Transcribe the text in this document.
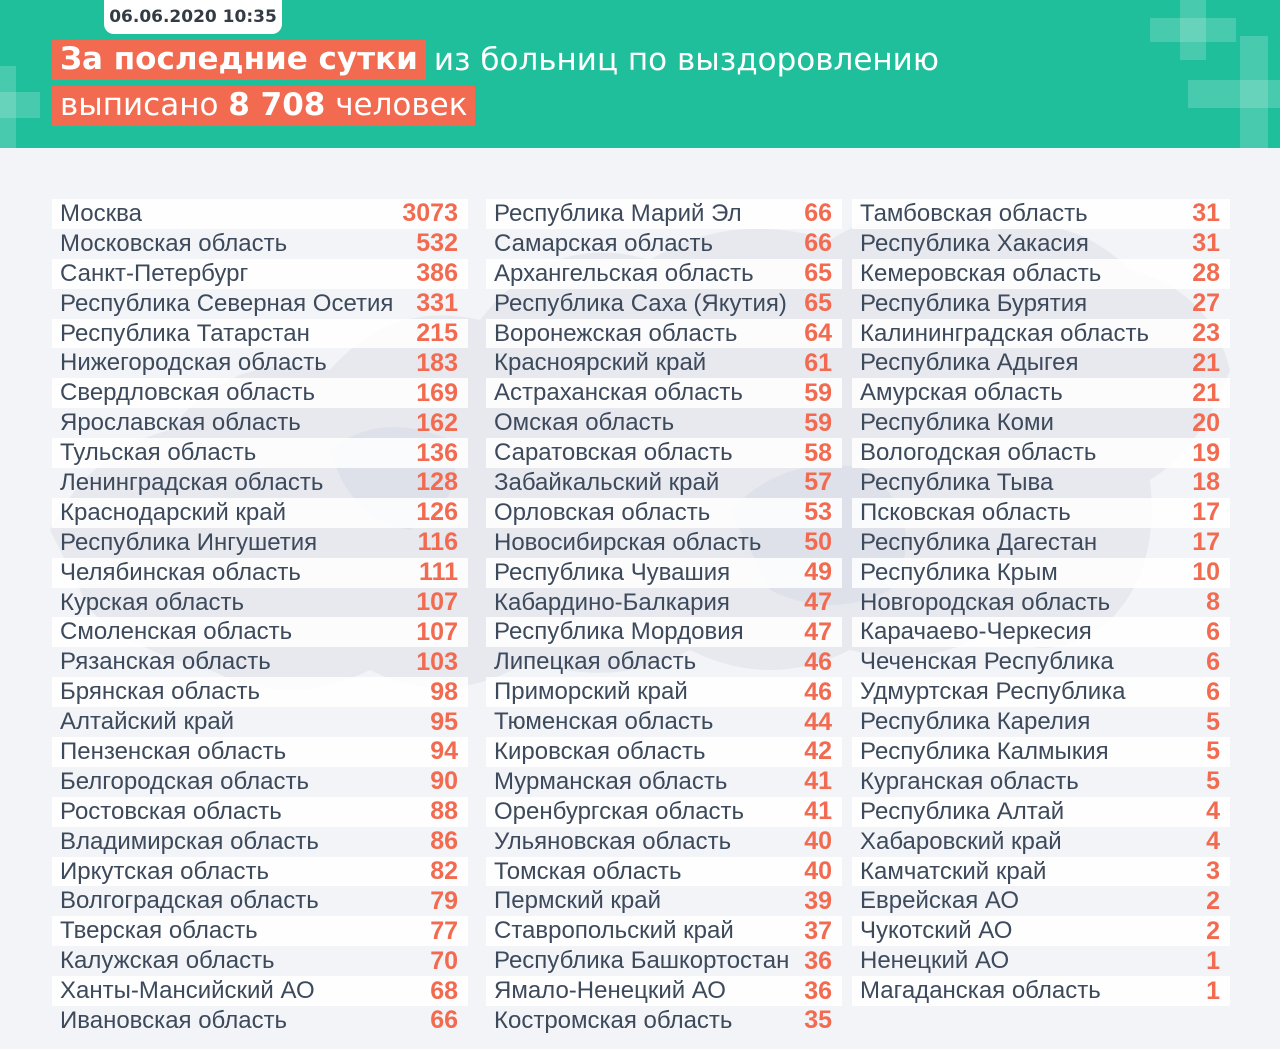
06.06.2020 10:35
За последние сутки из больниц по выздоровлению
выписано 8 708 человек
Москва	3073
Московская область	532
Санкт-Петербург	386
Республика Северная Осетия 331
Республика Татарстан	215
Нижегородская область	183
Свердловская область	169
Ярославская область	162
Тульская область	136
Ленинградская область	128
Краснодарский край	126
Республика Ингушетия	116
Челябинская область	111
Курская область	107
Смоленская область	107
Рязанская область	103
Брянская область	98
Алтайский край	95
Пензенская область	94
Белгородская область	90
Ростовская область	88
Владимирская область	86
Иркутская область	82
Волгоградская область	79
Тверская область	77
Калужская область	70
Ханты-Мансийский АО	68
Ивановская область	66
Республика Марий Эл	66
Самарская область	66
Архангельская область 65
Республика Саха (Якутия) 65
Воронежская область	64
Красноярский край	61
Астраханская область 59
Омская область	59
Саратовская область	58
Забайкальский край	57
Орловская область	53
Новосибирская область 50
Республика Чувашия	49
Кабардино-Балкария	47
Республика Мордовия 47
Липецкая область	46
Приморский край	46
Тюменская область	44
Кировская область	42
Мурманская область	41
Оренбургская область 41
Ульяновская область	40
Томская область	40
Пермский край	39
Ставропольский край	37
Республика Башкортостан 36
Ямало-Ненецкий АО	36
Костромская область	35
Тамбовская область	31
Республика Хакасия	31
Кемеровская область	28
Республика Бурятия	27
Калининградская область 23
Республика Адыгея	21
Амурская область	21
Республика Коми	20
Вологодская область	19
Республика Тыва	18
Псковская область	17
Республика Дагестан	17
Республика Крым	10
Новгородская область	8
Карачаево-Черкесия	6
Чеченская Республика	6
Удмуртская Республика	6
Республика Карелия	5
Республика Калмыкия	5
Курганская область	5
Республика Алтай	4
Хабаровский край	4
Камчатский край	3
Еврейская АО	2
Чукотский АО	2
Ненецкий АО	1
Магаданская область	1
